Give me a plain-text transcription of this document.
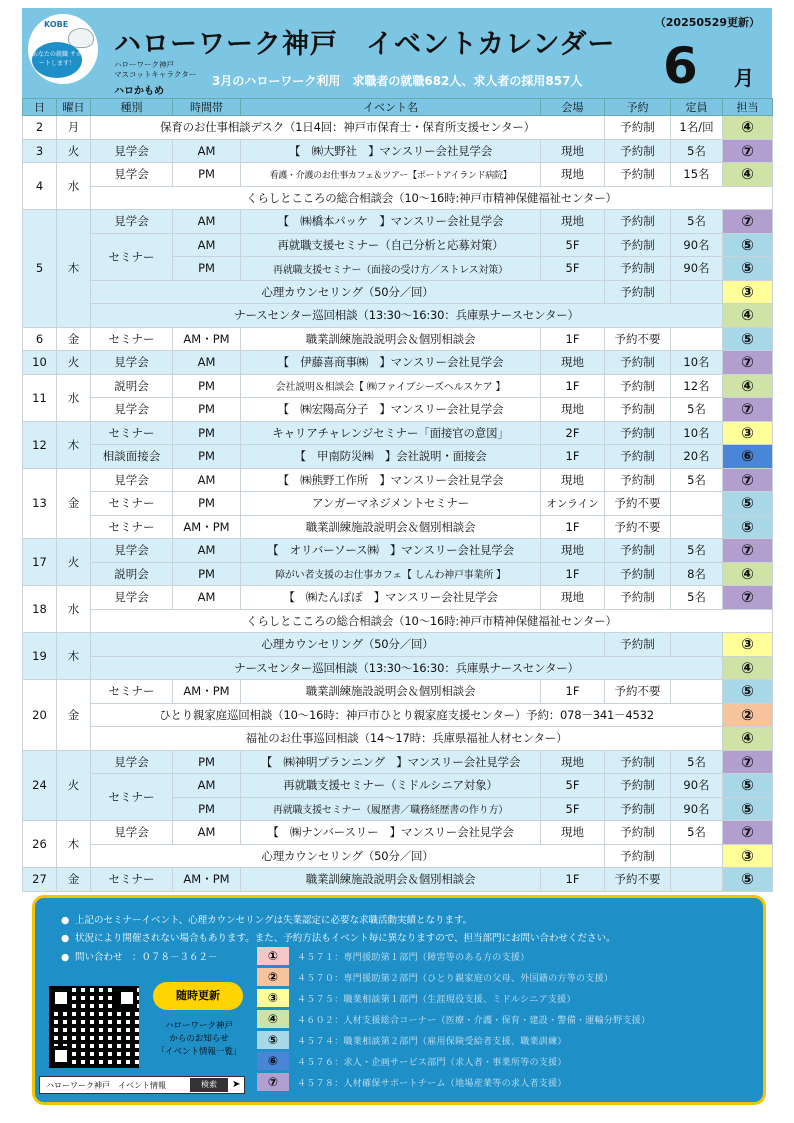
KOBE
あなたの就職 サポートします！
ハローワーク神戸　イベントカレンダー
（20250529更新）
ハローワーク神戸
マスコットキャラクター
ハロかもめ
3月のハローワーク利用　求職者の就職682人、求人者の採用857人 6 月
日	曜日	種別	時間帯	イベント名	会場	予約	定員	担当
2	月	保育のお仕事相談デスク（1日4回：神戸市保育士・保育所支援センター）				予約制	1名/回	④
3	火	見学会	AM	【　㈱大野社　】マンスリー会社見学会	現地	予約制	5名	⑦
4	水	見学会	PM	看護・介護のお仕事カフェ＆ツアー【ポートアイランド病院】	現地	予約制	15名	④
		くらしとこころの総合相談会（10～16時:神戸市精神保健福祉センター）						
5	木	見学会	AM	【　㈱橋本パッケ　】マンスリー会社見学会	現地	予約制	5名	⑦
		セミナー	AM	再就職支援セミナー（自己分析と応募対策）	5F	予約制	90名	⑤
			PM	再就職支援セミナー（面接の受け方／ストレス対策）	5F	予約制	90名	⑤
		心理カウンセリング（50分／回）				予約制		③
		ナースセンター巡回相談（13:30～16:30：兵庫県ナースセンター）						④
6	金	セミナー	AM・PM	職業訓練施設説明会＆個別相談会	1F	予約不要		⑤
10	火	見学会	AM	【　伊藤喜商事㈱　】マンスリー会社見学会	現地	予約制	10名	⑦
11	水	説明会	PM	会社説明＆相談会【 ㈱ファイブシーズヘルスケア 】	1F	予約制	12名	④
		見学会	PM	【　㈱宏陽高分子　】マンスリー会社見学会	現地	予約制	5名	⑦
12	木	セミナー	PM	キャリアチャレンジセミナー「面接官の意図」	2F	予約制	10名	③
		相談面接会	PM	【　甲南防災㈱　】会社説明・面接会	1F	予約制	20名	⑥
13	金	見学会	AM	【　㈱熊野工作所　】マンスリー会社見学会	現地	予約制	5名	⑦
		セミナー	PM	アンガーマネジメントセミナー	オンライン	予約不要		⑤
		セミナー	AM・PM	職業訓練施設説明会＆個別相談会	1F	予約不要		⑤
17	火	見学会	AM	【　オリバーソース㈱　】マンスリー会社見学会	現地	予約制	5名	⑦
		説明会	PM	障がい者支援のお仕事カフェ【 しんわ神戸事業所 】	1F	予約制	8名	④
18	水	見学会	AM	【　㈱たんぽぽ　】マンスリー会社見学会	現地	予約制	5名	⑦
		くらしとこころの総合相談会（10～16時:神戸市精神保健福祉センター）						
19	木	心理カウンセリング（50分／回）				予約制		③
		ナースセンター巡回相談（13:30～16:30：兵庫県ナースセンター）						④
20	金	セミナー	AM・PM	職業訓練施設説明会＆個別相談会	1F	予約不要		⑤
		ひとり親家庭巡回相談（10～16時：神戸市ひとり親家庭支援センター）予約：078－341－4532						②
		福祉のお仕事巡回相談（14～17時：兵庫県福祉人材センター）						④
24	火	見学会	PM	【　㈱神明プランニング　】マンスリー会社見学会	現地	予約制	5名	⑦
		セミナー	AM	再就職支援セミナー（ミドルシニア対象）	5F	予約制	90名	⑤
			PM	再就職支援セミナー（履歴書／職務経歴書の作り方）	5F	予約制	90名	⑤
26	木	見学会	AM	【　㈱ナンバースリー　】マンスリー会社見学会	現地	予約制	5名	⑦
		心理カウンセリング（50分／回）				予約制		③
27	金	セミナー	AM・PM	職業訓練施設説明会＆個別相談会	1F	予約不要		⑤
● 上記のセミナーイベント、心理カウンセリングは失業認定に必要な求職活動実績となります。
● 状況により開催されない場合もあります。また、予約方法もイベント毎に異なりますので、担当部門にお問い合わせください。
● 問い合わせ　：０７８－３６２－
随時更新
ハローワーク神戸
からのお知らせ
「イベント情報一覧」
ハローワーク神戸　イベント情報	検索	➤
①	４５７１：専門援助第１部門（障害等のある方の支援）
②	４５７０：専門援助第２部門（ひとり親家庭の父母、外国籍の方等の支援）
③	４５７５：職業相談第１部門（生涯現役支援、ミドルシニア支援）
④	４６０２：人材支援総合コーナー（医療・介護・保育・建設・警備・運輸分野支援）
⑤	４５７４：職業相談第２部門（雇用保険受給者支援、職業訓練）
⑥	４５７６：求人・企画サービス部門（求人者・事業所等の支援）
⑦	４５７８：人材確保サポートチーム（地場産業等の求人者支援）
